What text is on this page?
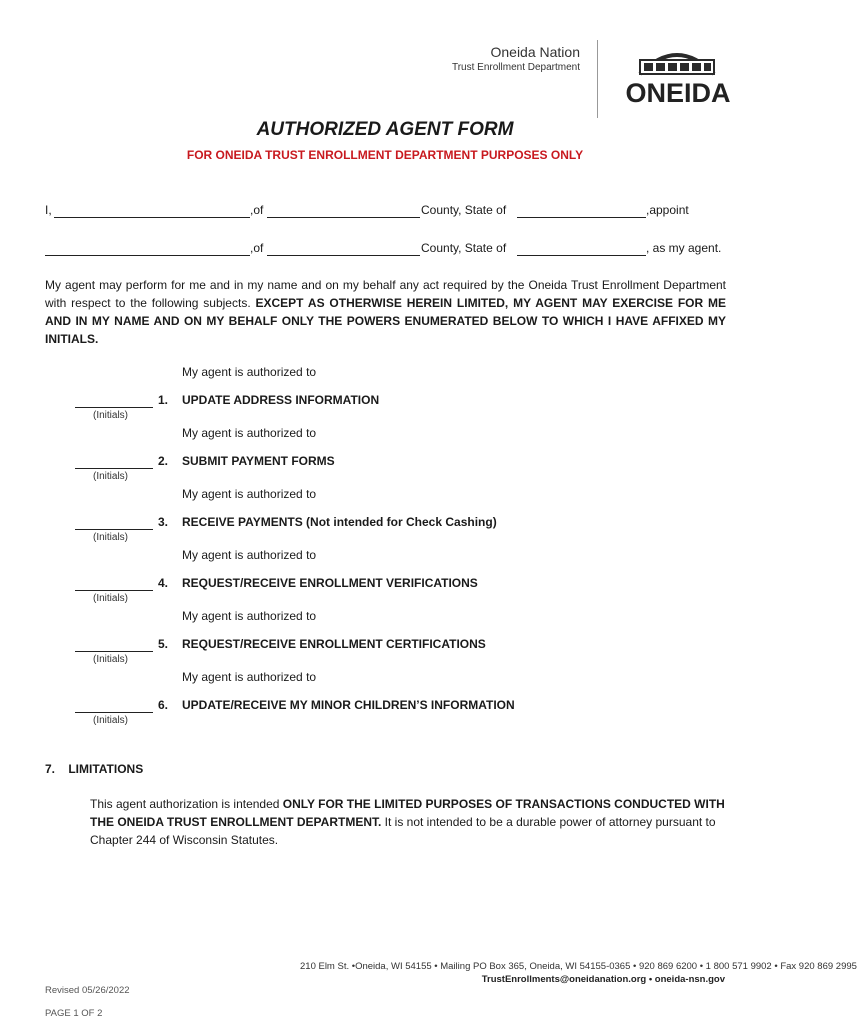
Oneida Nation
Trust Enrollment Department
ONEIDA
AUTHORIZED AGENT FORM
FOR ONEIDA TRUST ENROLLMENT DEPARTMENT PURPOSES ONLY
I,	,of	County, State of	,appoint
,of	County, State of	, as my agent.
My agent may perform for me and in my name and on my behalf any act required by the Oneida Trust Enrollment Department with respect to the following subjects. EXCEPT AS OTHERWISE HEREIN LIMITED, MY AGENT MAY EXERCISE FOR ME AND IN MY NAME AND ON MY BEHALF ONLY THE POWERS ENUMERATED BELOW TO WHICH I HAVE AFFIXED MY INITIALS.
My agent is authorized to
(Initials)
1. UPDATE ADDRESS INFORMATION
My agent is authorized to
(Initials)
2. SUBMIT PAYMENT FORMS
My agent is authorized to
(Initials)
3. RECEIVE PAYMENTS (Not intended for Check Cashing)
My agent is authorized to
(Initials)
4. REQUEST/RECEIVE ENROLLMENT VERIFICATIONS
My agent is authorized to
(Initials)
5. REQUEST/RECEIVE ENROLLMENT CERTIFICATIONS
My agent is authorized to
(Initials)
6. UPDATE/RECEIVE MY MINOR CHILDREN’S INFORMATION
7.    LIMITATIONS
This agent authorization is intended ONLY FOR THE LIMITED PURPOSES OF TRANSACTIONS CONDUCTED WITH THE ONEIDA TRUST ENROLLMENT DEPARTMENT. It is not intended to be a durable power of attorney pursuant to Chapter 244 of Wisconsin Statutes.
210 Elm St. •Oneida, WI 54155 • Mailing PO Box 365, Oneida, WI 54155-0365 • 920 869 6200 • 1 800 571 9902 • Fax 920 869 2995
TrustEnrollments@oneidanation.org • oneida-nsn.gov
Revised 05/26/2022
PAGE 1 OF 2
